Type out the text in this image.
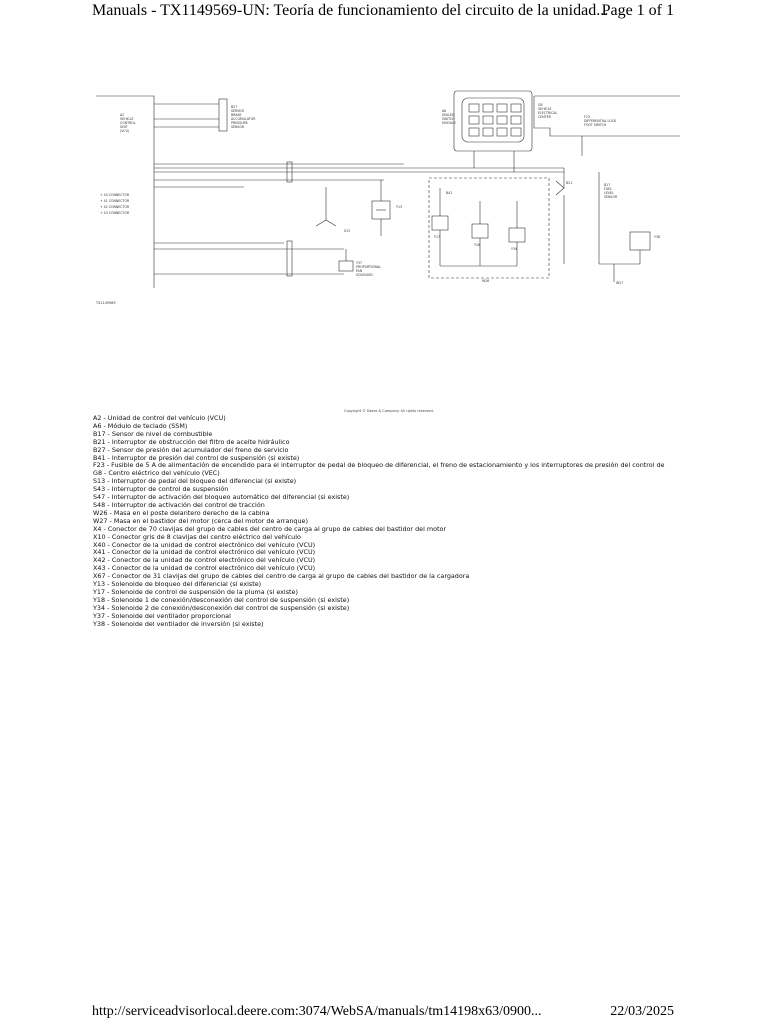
Manuals - TX1149569-UN: Teoría de funcionamiento del circuito de la unidad...
Page 1 of 1
A2
VEHICLE
CONTROL
UNIT
(VCU)
B27
SERVICE
BRAKE
ACCUMULATOR
PRESSURE
SENSOR
A6
SEALED
SWITCH
MODULE
G8
VEHICLE
ELECTRICAL
CENTER	F23
DIFFERENTIAL LOCK
FOOT SWITCH
+ 40 CONNECTOR
+ 41 CONNECTOR
+ 42 CONNECTOR
+ 43 CONNECTOR
S13
Y13
Y37
PROPORTIONAL
FAN
SOLENOID
B41
Y17
Y18
Y34
B21	B17
FUEL
LEVEL
SENSOR
Y38
W26	W27
TX1149569
Copyright © Deere & Company. All rights reserved.
A2 - Unidad de control del vehículo (VCU)
A6 - Módulo de teclado (SSM)
B17 - Sensor de nivel de combustible
B21 - Interruptor de obstrucción del filtro de aceite hidráulico
B27 - Sensor de presión del acumulador del freno de servicio
B41 - Interruptor de presión del control de suspensión (si existe)
F23 - Fusible de 5 A de alimentación de encendido para el interruptor de pedal de bloqueo de diferencial, el freno de estacionamiento y los interruptores de presión del control de
G8 - Centro eléctrico del vehículo (VEC)
S13 - Interruptor de pedal del bloqueo del diferencial (si existe)
S43 - Interruptor de control de suspensión
S47 - Interruptor de activación del bloqueo automático del diferencial (si existe)
S48 - Interruptor de activación del control de tracción
W26 - Masa en el poste delantero derecho de la cabina
W27 - Masa en el bastidor del motor (cerca del motor de arranque)
X4 - Conector de 70 clavijas del grupo de cables del centro de carga al grupo de cables del bastidor del motor
X10 - Conector gris de 8 clavijas del centro eléctrico del vehículo
X40 - Conector de la unidad de control electrónico del vehículo (VCU)
X41 - Conector de la unidad de control electrónico del vehículo (VCU)
X42 - Conector de la unidad de control electrónico del vehículo (VCU)
X43 - Conector de la unidad de control electrónico del vehículo (VCU)
X67 - Conector de 31 clavijas del grupo de cables del centro de carga al grupo de cables del bastidor de la cargadora
Y13 - Solenoide de bloqueo del diferencial (si existe)
Y17 - Solenoide de control de suspensión de la pluma (si existe)
Y18 - Solenoide 1 de conexión/desconexión del control de suspensión (si existe)
Y34 - Solenoide 2 de conexión/desconexión del control de suspensión (si existe)
Y37 - Solenoide del ventilador proporcional
Y38 - Solenoide del ventilador de inversión (si existe)
http://serviceadvisorlocal.deere.com:3074/WebSA/manuals/tm14198x63/0900...	22/03/2025
